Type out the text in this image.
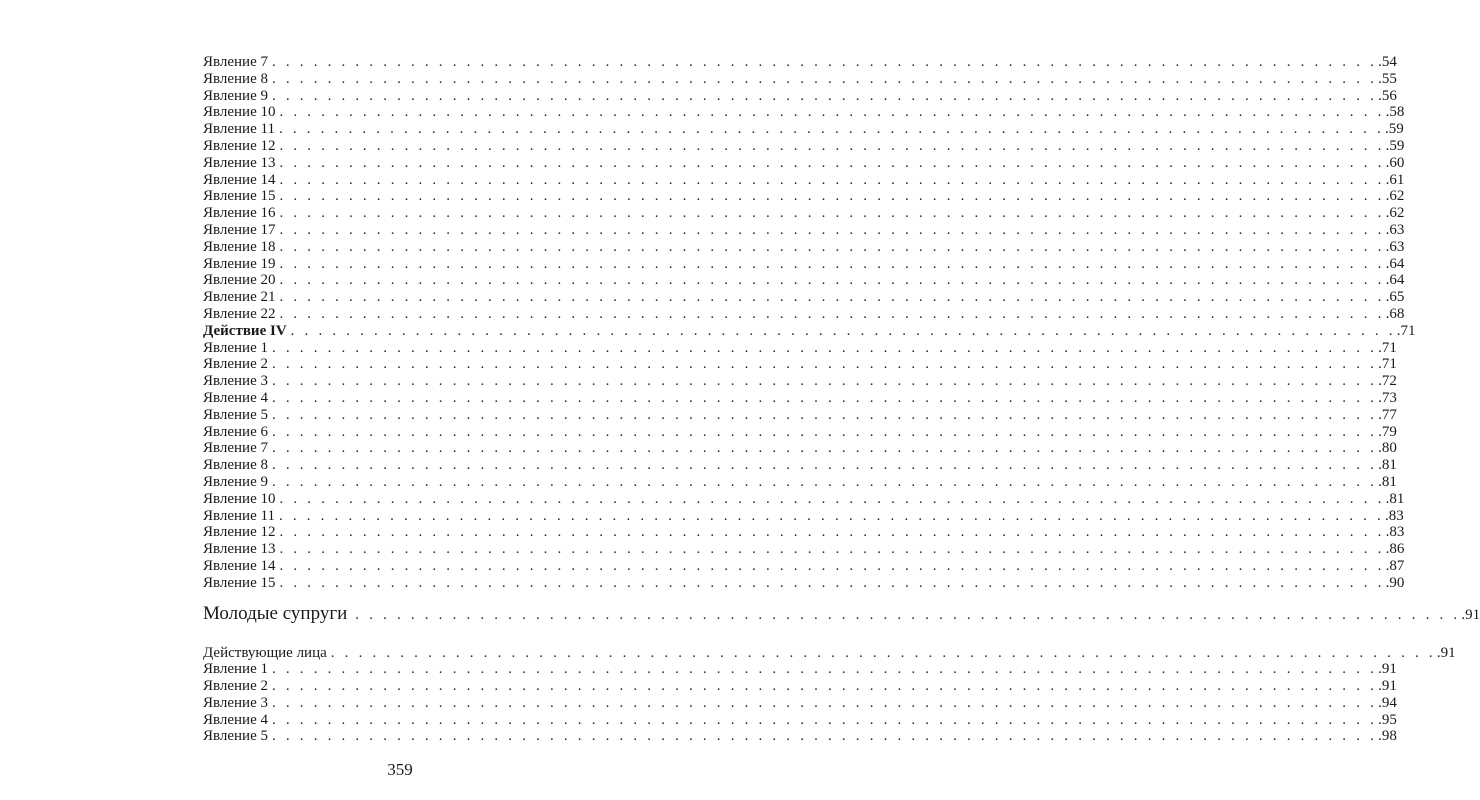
Явление 7 . . . . . . . . . . . . . . . . . . . . . . . . . . . . . . . . . . . . . . . . . . . . . . . . . . . . . . . . . . . . . . . . . . . . . . . . . . . . . . . . .54
Явление 8 . . . . . . . . . . . . . . . . . . . . . . . . . . . . . . . . . . . . . . . . . . . . . . . . . . . . . . . . . . . . . . . . . . . . . . . . . . . . . . . . .55
Явление 9 . . . . . . . . . . . . . . . . . . . . . . . . . . . . . . . . . . . . . . . . . . . . . . . . . . . . . . . . . . . . . . . . . . . . . . . . . . . . . . . . .56
Явление 10 . . . . . . . . . . . . . . . . . . . . . . . . . . . . . . . . . . . . . . . . . . . . . . . . . . . . . . . . . . . . . . . . . . . . . . . . . . . . . . . . .58
Явление 11 . . . . . . . . . . . . . . . . . . . . . . . . . . . . . . . . . . . . . . . . . . . . . . . . . . . . . . . . . . . . . . . . . . . . . . . . . . . . . . . . .59
Явление 12 . . . . . . . . . . . . . . . . . . . . . . . . . . . . . . . . . . . . . . . . . . . . . . . . . . . . . . . . . . . . . . . . . . . . . . . . . . . . . . . . .59
Явление 13 . . . . . . . . . . . . . . . . . . . . . . . . . . . . . . . . . . . . . . . . . . . . . . . . . . . . . . . . . . . . . . . . . . . . . . . . . . . . . . . . .60
Явление 14 . . . . . . . . . . . . . . . . . . . . . . . . . . . . . . . . . . . . . . . . . . . . . . . . . . . . . . . . . . . . . . . . . . . . . . . . . . . . . . . . .61
Явление 15 . . . . . . . . . . . . . . . . . . . . . . . . . . . . . . . . . . . . . . . . . . . . . . . . . . . . . . . . . . . . . . . . . . . . . . . . . . . . . . . . .62
Явление 16 . . . . . . . . . . . . . . . . . . . . . . . . . . . . . . . . . . . . . . . . . . . . . . . . . . . . . . . . . . . . . . . . . . . . . . . . . . . . . . . . .62
Явление 17 . . . . . . . . . . . . . . . . . . . . . . . . . . . . . . . . . . . . . . . . . . . . . . . . . . . . . . . . . . . . . . . . . . . . . . . . . . . . . . . . .63
Явление 18 . . . . . . . . . . . . . . . . . . . . . . . . . . . . . . . . . . . . . . . . . . . . . . . . . . . . . . . . . . . . . . . . . . . . . . . . . . . . . . . . .63
Явление 19 . . . . . . . . . . . . . . . . . . . . . . . . . . . . . . . . . . . . . . . . . . . . . . . . . . . . . . . . . . . . . . . . . . . . . . . . . . . . . . . . .64
Явление 20 . . . . . . . . . . . . . . . . . . . . . . . . . . . . . . . . . . . . . . . . . . . . . . . . . . . . . . . . . . . . . . . . . . . . . . . . . . . . . . . . .64
Явление 21 . . . . . . . . . . . . . . . . . . . . . . . . . . . . . . . . . . . . . . . . . . . . . . . . . . . . . . . . . . . . . . . . . . . . . . . . . . . . . . . . .65
Явление 22 . . . . . . . . . . . . . . . . . . . . . . . . . . . . . . . . . . . . . . . . . . . . . . . . . . . . . . . . . . . . . . . . . . . . . . . . . . . . . . . . .68
Действие IV . . . . . . . . . . . . . . . . . . . . . . . . . . . . . . . . . . . . . . . . . . . . . . . . . . . . . . . . . . . . . . . . . . . . . . . . . . . . . . . . .71
Явление 1 . . . . . . . . . . . . . . . . . . . . . . . . . . . . . . . . . . . . . . . . . . . . . . . . . . . . . . . . . . . . . . . . . . . . . . . . . . . . . . . . .71
Явление 2 . . . . . . . . . . . . . . . . . . . . . . . . . . . . . . . . . . . . . . . . . . . . . . . . . . . . . . . . . . . . . . . . . . . . . . . . . . . . . . . . .71
Явление 3 . . . . . . . . . . . . . . . . . . . . . . . . . . . . . . . . . . . . . . . . . . . . . . . . . . . . . . . . . . . . . . . . . . . . . . . . . . . . . . . . .72
Явление 4 . . . . . . . . . . . . . . . . . . . . . . . . . . . . . . . . . . . . . . . . . . . . . . . . . . . . . . . . . . . . . . . . . . . . . . . . . . . . . . . . .73
Явление 5 . . . . . . . . . . . . . . . . . . . . . . . . . . . . . . . . . . . . . . . . . . . . . . . . . . . . . . . . . . . . . . . . . . . . . . . . . . . . . . . . .77
Явление 6 . . . . . . . . . . . . . . . . . . . . . . . . . . . . . . . . . . . . . . . . . . . . . . . . . . . . . . . . . . . . . . . . . . . . . . . . . . . . . . . . .79
Явление 7 . . . . . . . . . . . . . . . . . . . . . . . . . . . . . . . . . . . . . . . . . . . . . . . . . . . . . . . . . . . . . . . . . . . . . . . . . . . . . . . . .80
Явление 8 . . . . . . . . . . . . . . . . . . . . . . . . . . . . . . . . . . . . . . . . . . . . . . . . . . . . . . . . . . . . . . . . . . . . . . . . . . . . . . . . .81
Явление 9 . . . . . . . . . . . . . . . . . . . . . . . . . . . . . . . . . . . . . . . . . . . . . . . . . . . . . . . . . . . . . . . . . . . . . . . . . . . . . . . . .81
Явление 10 . . . . . . . . . . . . . . . . . . . . . . . . . . . . . . . . . . . . . . . . . . . . . . . . . . . . . . . . . . . . . . . . . . . . . . . . . . . . . . . . .81
Явление 11 . . . . . . . . . . . . . . . . . . . . . . . . . . . . . . . . . . . . . . . . . . . . . . . . . . . . . . . . . . . . . . . . . . . . . . . . . . . . . . . . .83
Явление 12 . . . . . . . . . . . . . . . . . . . . . . . . . . . . . . . . . . . . . . . . . . . . . . . . . . . . . . . . . . . . . . . . . . . . . . . . . . . . . . . . .83
Явление 13 . . . . . . . . . . . . . . . . . . . . . . . . . . . . . . . . . . . . . . . . . . . . . . . . . . . . . . . . . . . . . . . . . . . . . . . . . . . . . . . . .86
Явление 14 . . . . . . . . . . . . . . . . . . . . . . . . . . . . . . . . . . . . . . . . . . . . . . . . . . . . . . . . . . . . . . . . . . . . . . . . . . . . . . . . .87
Явление 15 . . . . . . . . . . . . . . . . . . . . . . . . . . . . . . . . . . . . . . . . . . . . . . . . . . . . . . . . . . . . . . . . . . . . . . . . . . . . . . . . .90
Молодые супруги . . . . . . . . . . . . . . . . . . . . . . . . . . . . . . . . . . . . . . . . . . . . . . . . . . . . . . . . . . . . . . . . . . . . . . . . . . . . . . . . .91
Действующие лица . . . . . . . . . . . . . . . . . . . . . . . . . . . . . . . . . . . . . . . . . . . . . . . . . . . . . . . . . . . . . . . . . . . . . . . . . . . . . . . . .91
Явление 1 . . . . . . . . . . . . . . . . . . . . . . . . . . . . . . . . . . . . . . . . . . . . . . . . . . . . . . . . . . . . . . . . . . . . . . . . . . . . . . . . .91
Явление 2 . . . . . . . . . . . . . . . . . . . . . . . . . . . . . . . . . . . . . . . . . . . . . . . . . . . . . . . . . . . . . . . . . . . . . . . . . . . . . . . . .91
Явление 3 . . . . . . . . . . . . . . . . . . . . . . . . . . . . . . . . . . . . . . . . . . . . . . . . . . . . . . . . . . . . . . . . . . . . . . . . . . . . . . . . .94
Явление 4 . . . . . . . . . . . . . . . . . . . . . . . . . . . . . . . . . . . . . . . . . . . . . . . . . . . . . . . . . . . . . . . . . . . . . . . . . . . . . . . . .95
Явление 5 . . . . . . . . . . . . . . . . . . . . . . . . . . . . . . . . . . . . . . . . . . . . . . . . . . . . . . . . . . . . . . . . . . . . . . . . . . . . . . . . .98
359
